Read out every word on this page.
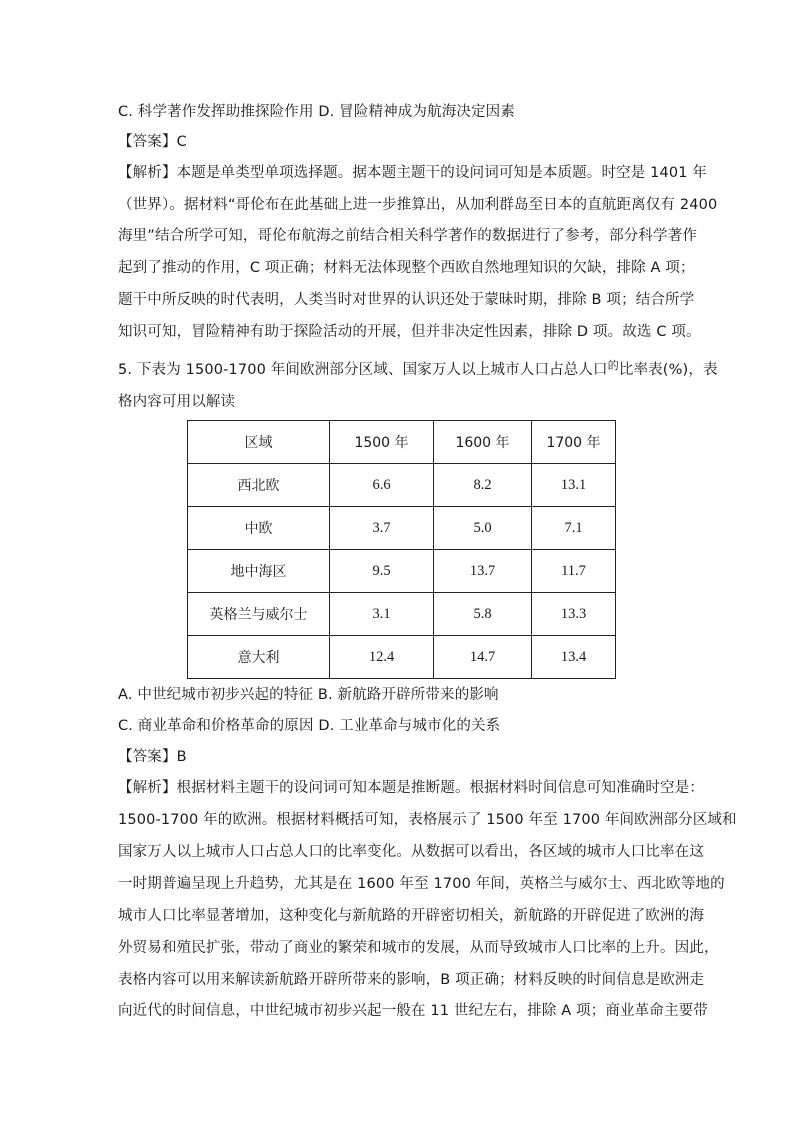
C. 科学著作发挥助推探险作用 D. 冒险精神成为航海决定因素
【答案】C
【解析】本题是单类型单项选择题。据本题主题干的设问词可知是本质题。时空是 1401 年
（世界）。据材料“哥伦布在此基础上进一步推算出，从加利群岛至日本的直航距离仅有 2400
海里”结合所学可知，哥伦布航海之前结合相关科学著作的数据进行了参考，部分科学著作
起到了推动的作用，C 项正确；材料无法体现整个西欧自然地理知识的欠缺，排除 A 项；
题干中所反映的时代表明，人类当时对世界的认识还处于蒙昧时期，排除 B 项；结合所学
知识可知，冒险精神有助于探险活动的开展，但并非决定性因素，排除 D 项。故选 C 项。
5. 下表为 1500-1700 年间欧洲部分区域、国家万人以上城市人口占总人口$^的$比率表(%)，表
格内容可用以解读
区域	1500 年	1600 年	1700 年
西北欧	6.6	8.2	13.1
中欧	3.7	5.0	7.1
地中海区	9.5	13.7	11.7
英格兰与威尔士	3.1	5.8	13.3
意大利	12.4	14.7	13.4
A. 中世纪城市初步兴起的特征 B. 新航路开辟所带来的影响
C. 商业革命和价格革命的原因 D. 工业革命与城市化的关系
【答案】B
【解析】根据材料主题干的设问词可知本题是推断题。根据材料时间信息可知准确时空是：
1500-1700 年的欧洲。根据材料概括可知，表格展示了 1500 年至 1700 年间欧洲部分区域和
国家万人以上城市人口占总人口的比率变化。从数据可以看出，各区域的城市人口比率在这
一时期普遍呈现上升趋势，尤其是在 1600 年至 1700 年间，英格兰与威尔士、西北欧等地的
城市人口比率显著增加，这种变化与新航路的开辟密切相关，新航路的开辟促进了欧洲的海
外贸易和殖民扩张，带动了商业的繁荣和城市的发展，从而导致城市人口比率的上升。因此，
表格内容可以用来解读新航路开辟所带来的影响，B 项正确；材料反映的时间信息是欧洲走
向近代的时间信息，中世纪城市初步兴起一般在 11 世纪左右，排除 A 项；商业革命主要带
